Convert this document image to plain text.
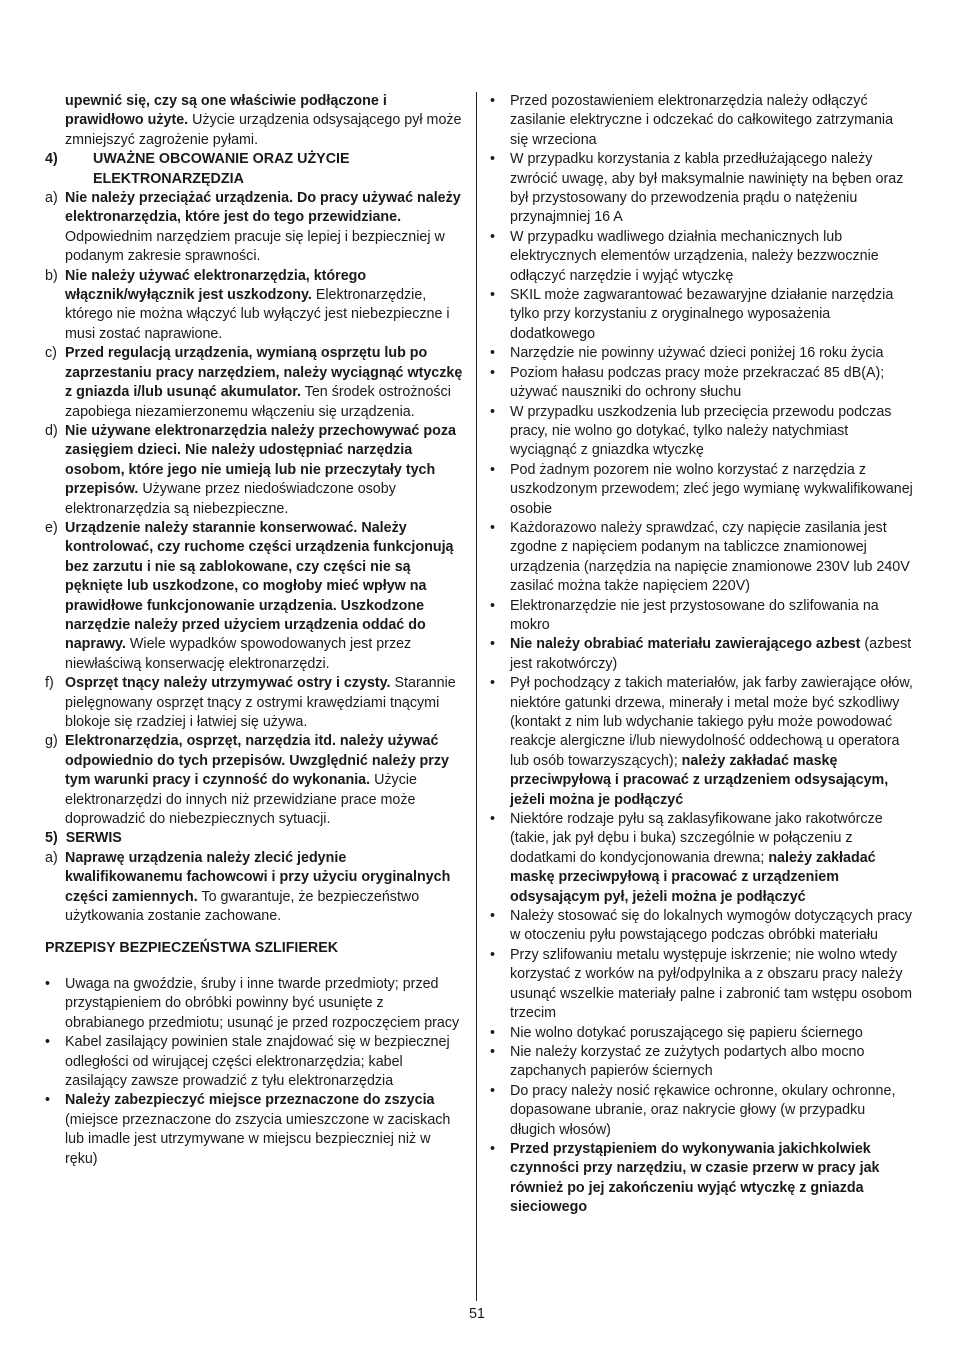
upewnić się, czy są one właściwie podłączone i prawidłowo użyte. Użycie urządzenia odsysającego pył może zmniejszyć zagrożenie pyłami.
4) UWAŻNE OBCOWANIE ORAZ UŻYCIE ELEKTRONARZĘDZIA
a) Nie należy przeciążać urządzenia. Do pracy używać należy elektronarzędzia, które jest do tego przewidziane. Odpowiednim narzędziem pracuje się lepiej i bezpieczniej w podanym zakresie sprawności.
b) Nie należy używać elektronarzędzia, którego włącznik/wyłącznik jest uszkodzony. Elektronarzędzie, którego nie można włączyć lub wyłączyć jest niebezpieczne i musi zostać naprawione.
c) Przed regulacją urządzenia, wymianą osprzętu lub po zaprzestaniu pracy narzędziem, należy wyciągnąć wtyczkę z gniazda i/lub usunąć akumulator. Ten środek ostrożności zapobiega niezamierzonemu włączeniu się urządzenia.
d) Nie używane elektronarzędzia należy przechowywać poza zasięgiem dzieci. Nie należy udostępniać narzędzia osobom, które jego nie umieją lub nie przeczytały tych przepisów. Używane przez niedoświadczone osoby elektronarzędzia są niebezpieczne.
e) Urządzenie należy starannie konserwować. Należy kontrolować, czy ruchome części urządzenia funkcjonują bez zarzutu i nie są zablokowane, czy części nie są pęknięte lub uszkodzone, co mogłoby mieć wpływ na prawidłowe funkcjonowanie urządzenia. Uszkodzone narzędzie należy przed użyciem urządzenia oddać do naprawy. Wiele wypadków spowodowanych jest przez niewłaściwą konserwację elektronarzędzi.
f) Osprzęt tnący należy utrzymywać ostry i czysty. Starannie pielęgnowany osprzęt tnący z ostrymi krawędziami tnącymi blokoje się rzadziej i łatwiej się używa.
g) Elektronarzędzia, osprzęt, narzędzia itd. należy używać odpowiednio do tych przepisów. Uwzględnić należy przy tym warunki pracy i czynność do wykonania. Użycie elektronarzędzi do innych niż przewidziane prace może doprowadzić do niebezpiecznych sytuacji.
5) SERWIS
a) Naprawę urządzenia należy zlecić jedynie kwalifikowanemu fachowcowi i przy użyciu oryginalnych części zamiennych. To gwarantuje, że bezpieczeństwo użytkowania zostanie zachowane.
PRZEPISY BEZPIECZEŃSTWA SZLIFIEREK
• Uwaga na gwoździe, śruby i inne twarde przedmioty; przed przystąpieniem do obróbki powinny być usunięte z obrabianego przedmiotu; usunąć je przed rozpoczęciem pracy
• Kabel zasilający powinien stale znajdować się w bezpiecznej odległości od wirującej części elektronarzędzia; kabel zasilający zawsze prowadzić z tyłu elektronarzędzia
• Należy zabezpieczyć miejsce przeznaczone do zszycia (miejsce przeznaczone do zszycia umieszczone w zaciskach lub imadle jest utrzymywane w miejscu bezpieczniej niż w ręku)
• Przed pozostawieniem elektronarzędzia należy odłączyć zasilanie elektryczne i odczekać do całkowitego zatrzymania się wrzeciona
• W przypadku korzystania z kabla przedłużającego należy zwrócić uwagę, aby był maksymalnie nawinięty na bęben oraz był przystosowany do przewodzenia prądu o natężeniu przynajmniej 16 A
• W przypadku wadliwego działnia mechanicznych lub elektrycznych elementów urządzenia, należy bezzwocznie odłączyć narzędzie i wyjąć wtyczkę
• SKIL może zagwarantować bezawaryjne działanie narzędzia tylko przy korzystaniu z oryginalnego wyposażenia dodatkowego
• Narzędzie nie powinny używać dzieci poniżej 16 roku życia
• Poziom hałasu podczas pracy może przekraczać 85 dB(A); używać nauszniki do ochrony słuchu
• W przypadku uszkodzenia lub przecięcia przewodu podczas pracy, nie wolno go dotykać, tylko należy natychmiast wyciągnąć z gniazdka wtyczkę
• Pod żadnym pozorem nie wolno korzystać z narzędzia z uszkodzonym przewodem; zleć jego wymianę wykwalifikowanej osobie
• Każdorazowo należy sprawdzać, czy napięcie zasilania jest zgodne z napięciem podanym na tabliczce znamionowej urządzenia (narzędzia na napięcie znamionowe 230V lub 240V zasilać można także napięciem 220V)
• Elektronarzędzie nie jest przystosowane do szlifowania na mokro
• Nie należy obrabiać materiału zawierającego azbest (azbest jest rakotwórczy)
• Pył pochodzący z takich materiałów, jak farby zawierające ołów, niektóre gatunki drzewa, minerały i metal może być szkodliwy (kontakt z nim lub wdychanie takiego pyłu może powodować reakcje alergiczne i/lub niewydolność oddechową u operatora lub osób towarzyszących); należy zakładać maskę przeciwpyłową i pracować z urządzeniem odsysającym, jeżeli można je podłączyć
• Niektóre rodzaje pyłu są zaklasyfikowane jako rakotwórcze (takie, jak pył dębu i buka) szczególnie w połączeniu z dodatkami do kondycjonowania drewna; należy zakładać maskę przeciwpyłową i pracować z urządzeniem odsysającym pył, jeżeli można je podłączyć
• Należy stosować się do lokalnych wymogów dotyczących pracy w otoczeniu pyłu powstającego podczas obróbki materiału
• Przy szlifowaniu metalu występuje iskrzenie; nie wolno wtedy korzystać z worków na pył/odpylnika a z obszaru pracy należy usunąć wszelkie materiały palne i zabronić tam wstępu osobom trzecim
• Nie wolno dotykać poruszającego się papieru ściernego
• Nie należy korzystać ze zużytych podartych albo mocno zapchanych papierów ściernych
• Do pracy należy nosić rękawice ochronne, okulary ochronne, dopasowane ubranie, oraz nakrycie głowy (w przypadku długich włosów)
• Przed przystąpieniem do wykonywania jakichkolwiek czynności przy narzędziu, w czasie przerw w pracy jak również po jej zakończeniu wyjąć wtyczkę z gniazda sieciowego
51
